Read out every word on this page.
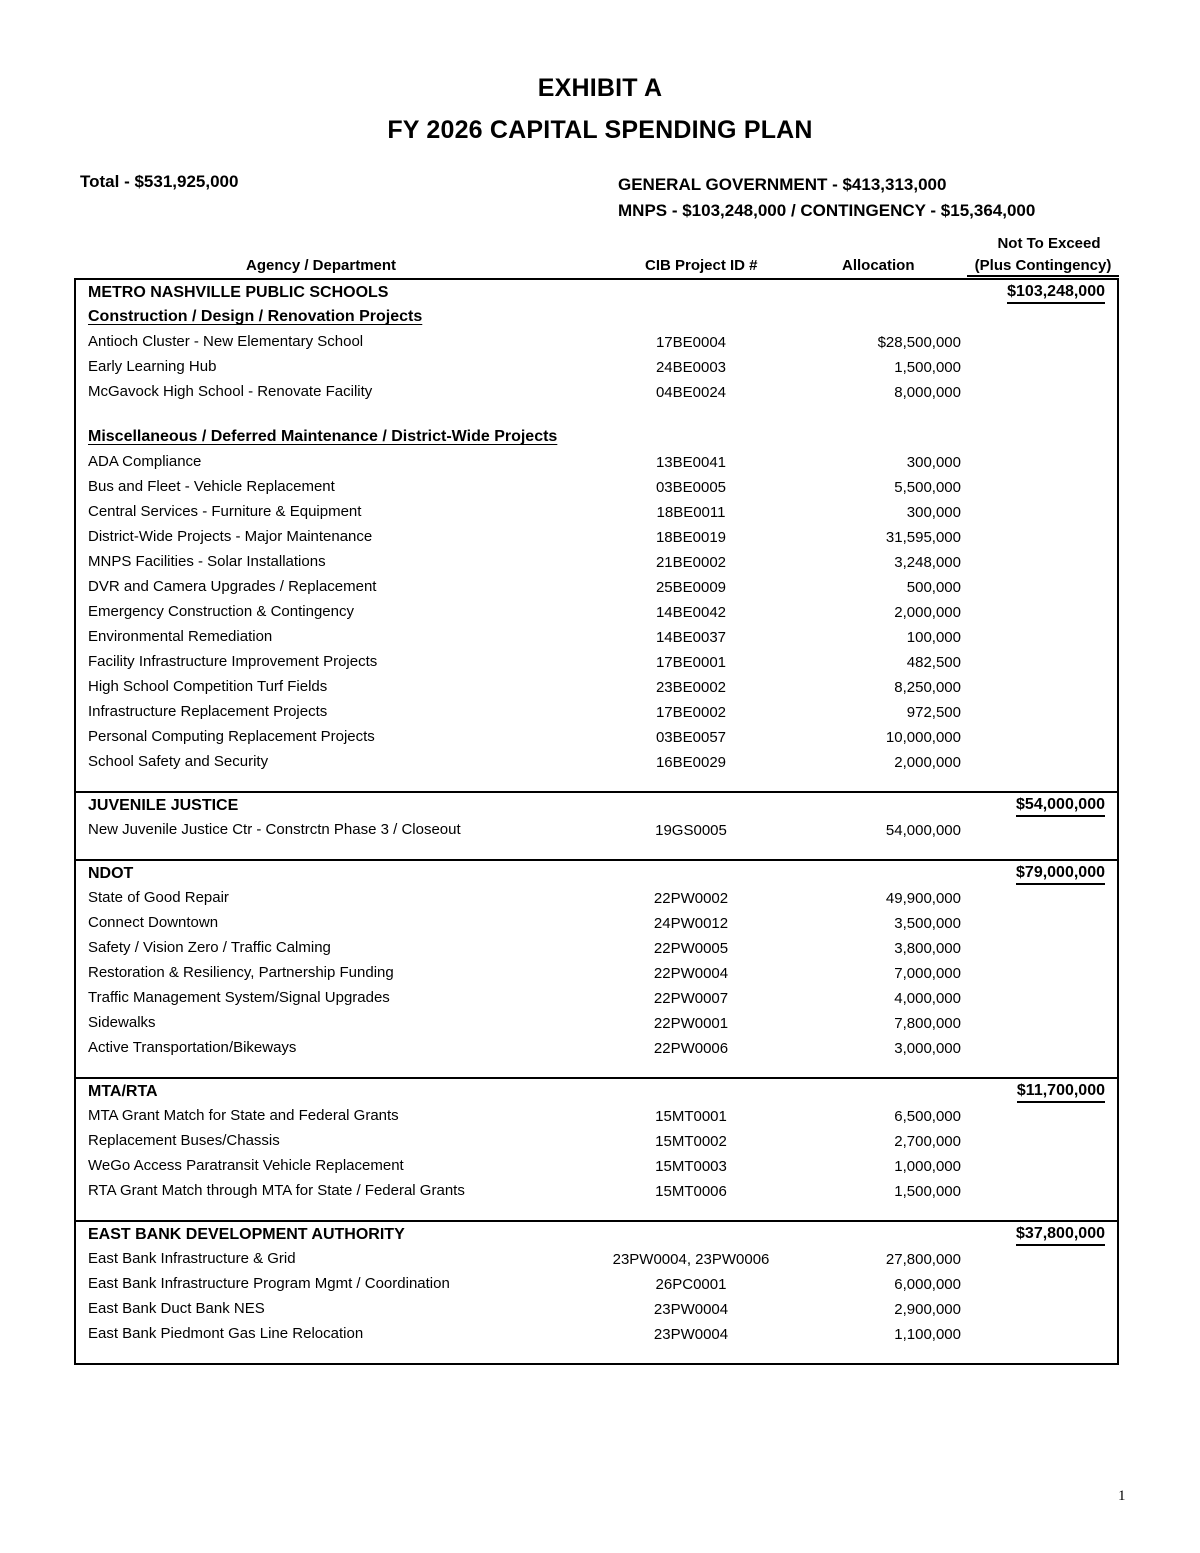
EXHIBIT A
FY 2026 CAPITAL SPENDING PLAN
Total - $531,925,000	GENERAL GOVERNMENT - $413,313,000
MNPS - $103,248,000 / CONTINGENCY - $15,364,000
Agency / Department	CIB Project ID #	Allocation
Not To Exceed
(Plus Contingency)
METRO NASHVILLE PUBLIC SCHOOLS	$103,248,000
Construction / Design / Renovation Projects
Antioch Cluster - New Elementary School	17BE0004	$28,500,000
Early Learning Hub	24BE0003	1,500,000
McGavock High School - Renovate Facility	04BE0024	8,000,000
Miscellaneous / Deferred Maintenance / District-Wide Projects
ADA Compliance	13BE0041	300,000
Bus and Fleet - Vehicle Replacement	03BE0005	5,500,000
Central Services - Furniture & Equipment	18BE0011	300,000
District-Wide Projects - Major Maintenance	18BE0019	31,595,000
MNPS Facilities - Solar Installations	21BE0002	3,248,000
DVR and Camera Upgrades / Replacement	25BE0009	500,000
Emergency Construction & Contingency	14BE0042	2,000,000
Environmental Remediation	14BE0037	100,000
Facility Infrastructure Improvement Projects	17BE0001	482,500
High School Competition Turf Fields	23BE0002	8,250,000
Infrastructure Replacement Projects	17BE0002	972,500
Personal Computing Replacement Projects	03BE0057	10,000,000
School Safety and Security	16BE0029	2,000,000
JUVENILE JUSTICE	$54,000,000
New Juvenile Justice Ctr - Constrctn Phase 3 / Closeout	19GS0005	54,000,000
NDOT	$79,000,000
State of Good Repair	22PW0002	49,900,000
Connect Downtown	24PW0012	3,500,000
Safety / Vision Zero / Traffic Calming	22PW0005	3,800,000
Restoration & Resiliency, Partnership Funding	22PW0004	7,000,000
Traffic Management System/Signal Upgrades	22PW0007	4,000,000
Sidewalks	22PW0001	7,800,000
Active Transportation/Bikeways	22PW0006	3,000,000
MTA/RTA	$11,700,000
MTA Grant Match for State and Federal Grants	15MT0001	6,500,000
Replacement Buses/Chassis	15MT0002	2,700,000
WeGo Access Paratransit Vehicle Replacement	15MT0003	1,000,000
RTA Grant Match through MTA for State / Federal Grants	15MT0006	1,500,000
EAST BANK DEVELOPMENT AUTHORITY	$37,800,000
East Bank Infrastructure & Grid	23PW0004, 23PW0006	27,800,000
East Bank Infrastructure Program Mgmt / Coordination	26PC0001	6,000,000
East Bank Duct Bank NES	23PW0004	2,900,000
East Bank Piedmont Gas Line Relocation	23PW0004	1,100,000
1
